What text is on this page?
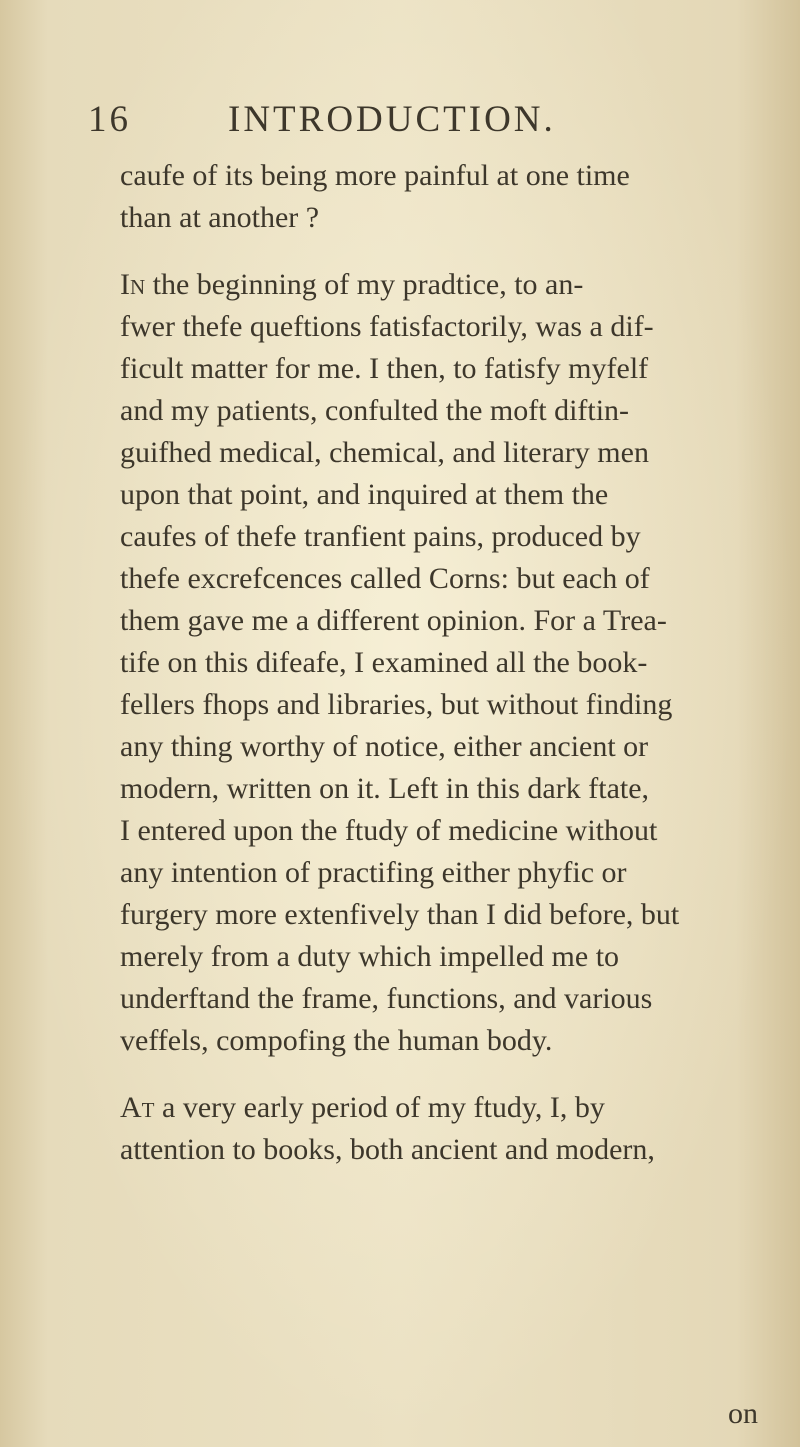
16	INTRODUCTION.
caufe of its being more painful at one time
than at another ?
In the beginning of my pradtice, to an-
fwer thefe queftions fatisfactorily, was a dif-
ficult matter for me. I then, to fatisfy myfelf
and my patients, confulted the moft diftin-
guifhed medical, chemical, and literary men
upon that point, and inquired at them the
caufes of thefe tranfient pains, produced by
thefe excrefcences called Corns: but each of
them gave me a different opinion. For a Trea-
tife on this difeafe, I examined all the book-
fellers fhops and libraries, but without finding
any thing worthy of notice, either ancient or
modern, written on it. Left in this dark ftate,
I entered upon the ftudy of medicine without
any intention of practifing either phyfic or
furgery more extenfively than I did before, but
merely from a duty which impelled me to
underftand the frame, functions, and various
veffels, compofing the human body.
At a very early period of my ftudy, I, by
attention to books, both ancient and modern,
on
